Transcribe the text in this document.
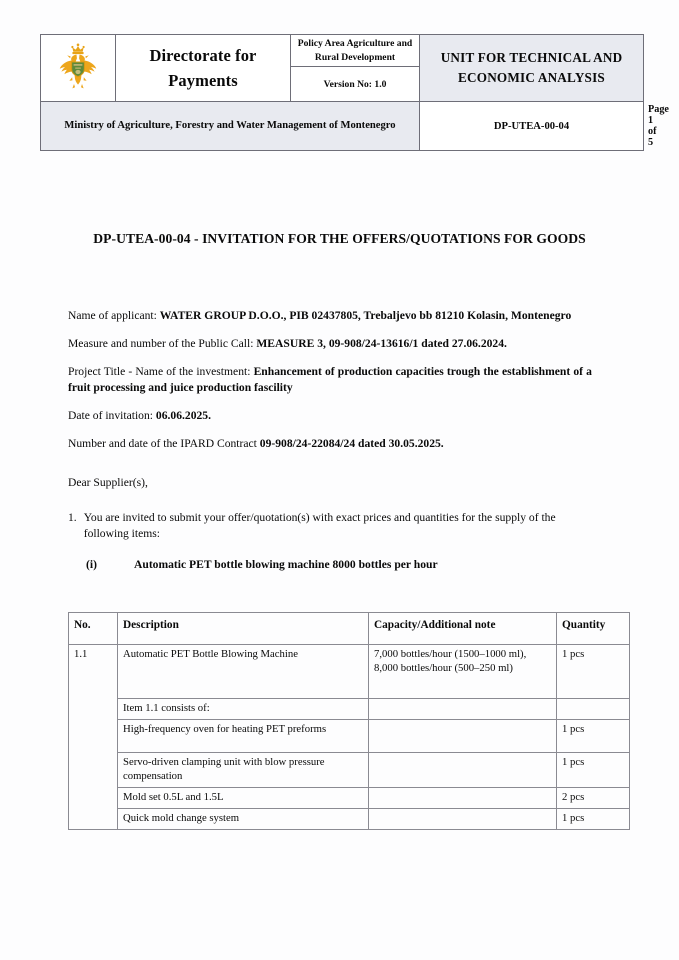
	Directorate for
Payments	Policy Area Agriculture and Rural Development	UNIT FOR TECHNICAL AND ECONOMIC ANALYSIS	
		Version No: 1.0		
Ministry of Agriculture, Forestry and Water Management of Montenegro			DP-UTEA-00-04	Page 1 of 5
DP-UTEA-00-04 - INVITATION FOR THE OFFERS/QUOTATIONS FOR GOODS

Name of applicant: WATER GROUP D.O.O., PIB 02437805, Trebaljevo bb 81210 Kolasin, Montenegro

Measure and number of the Public Call: MEASURE 3, 09-908/24-13616/1 dated 27.06.2024.

Project Title - Name of the investment: Enhancement of production capacities trough the establishment of a fruit processing and juice production fascility

Date of invitation: 06.06.2025.

Number and date of the IPARD Contract 09-908/24-22084/24 dated 30.05.2025.

Dear Supplier(s),

1. You are invited to submit your offer/quotation(s) with exact prices and quantities for the supply of the following items:
(i)	Automatic PET bottle blowing machine 8000 bottles per hour
No.	Description	Capacity/Additional note	Quantity
1.1	Automatic PET Bottle Blowing Machine	7,000 bottles/hour (1500–1000 ml), 8,000 bottles/hour (500–250 ml)	1 pcs
	Item 1.1 consists of:		
	High-frequency oven for heating PET preforms		1 pcs
	Servo-driven clamping unit with blow pressure compensation		1 pcs
	Mold set 0.5L and 1.5L		2 pcs
	Quick mold change system		1 pcs
